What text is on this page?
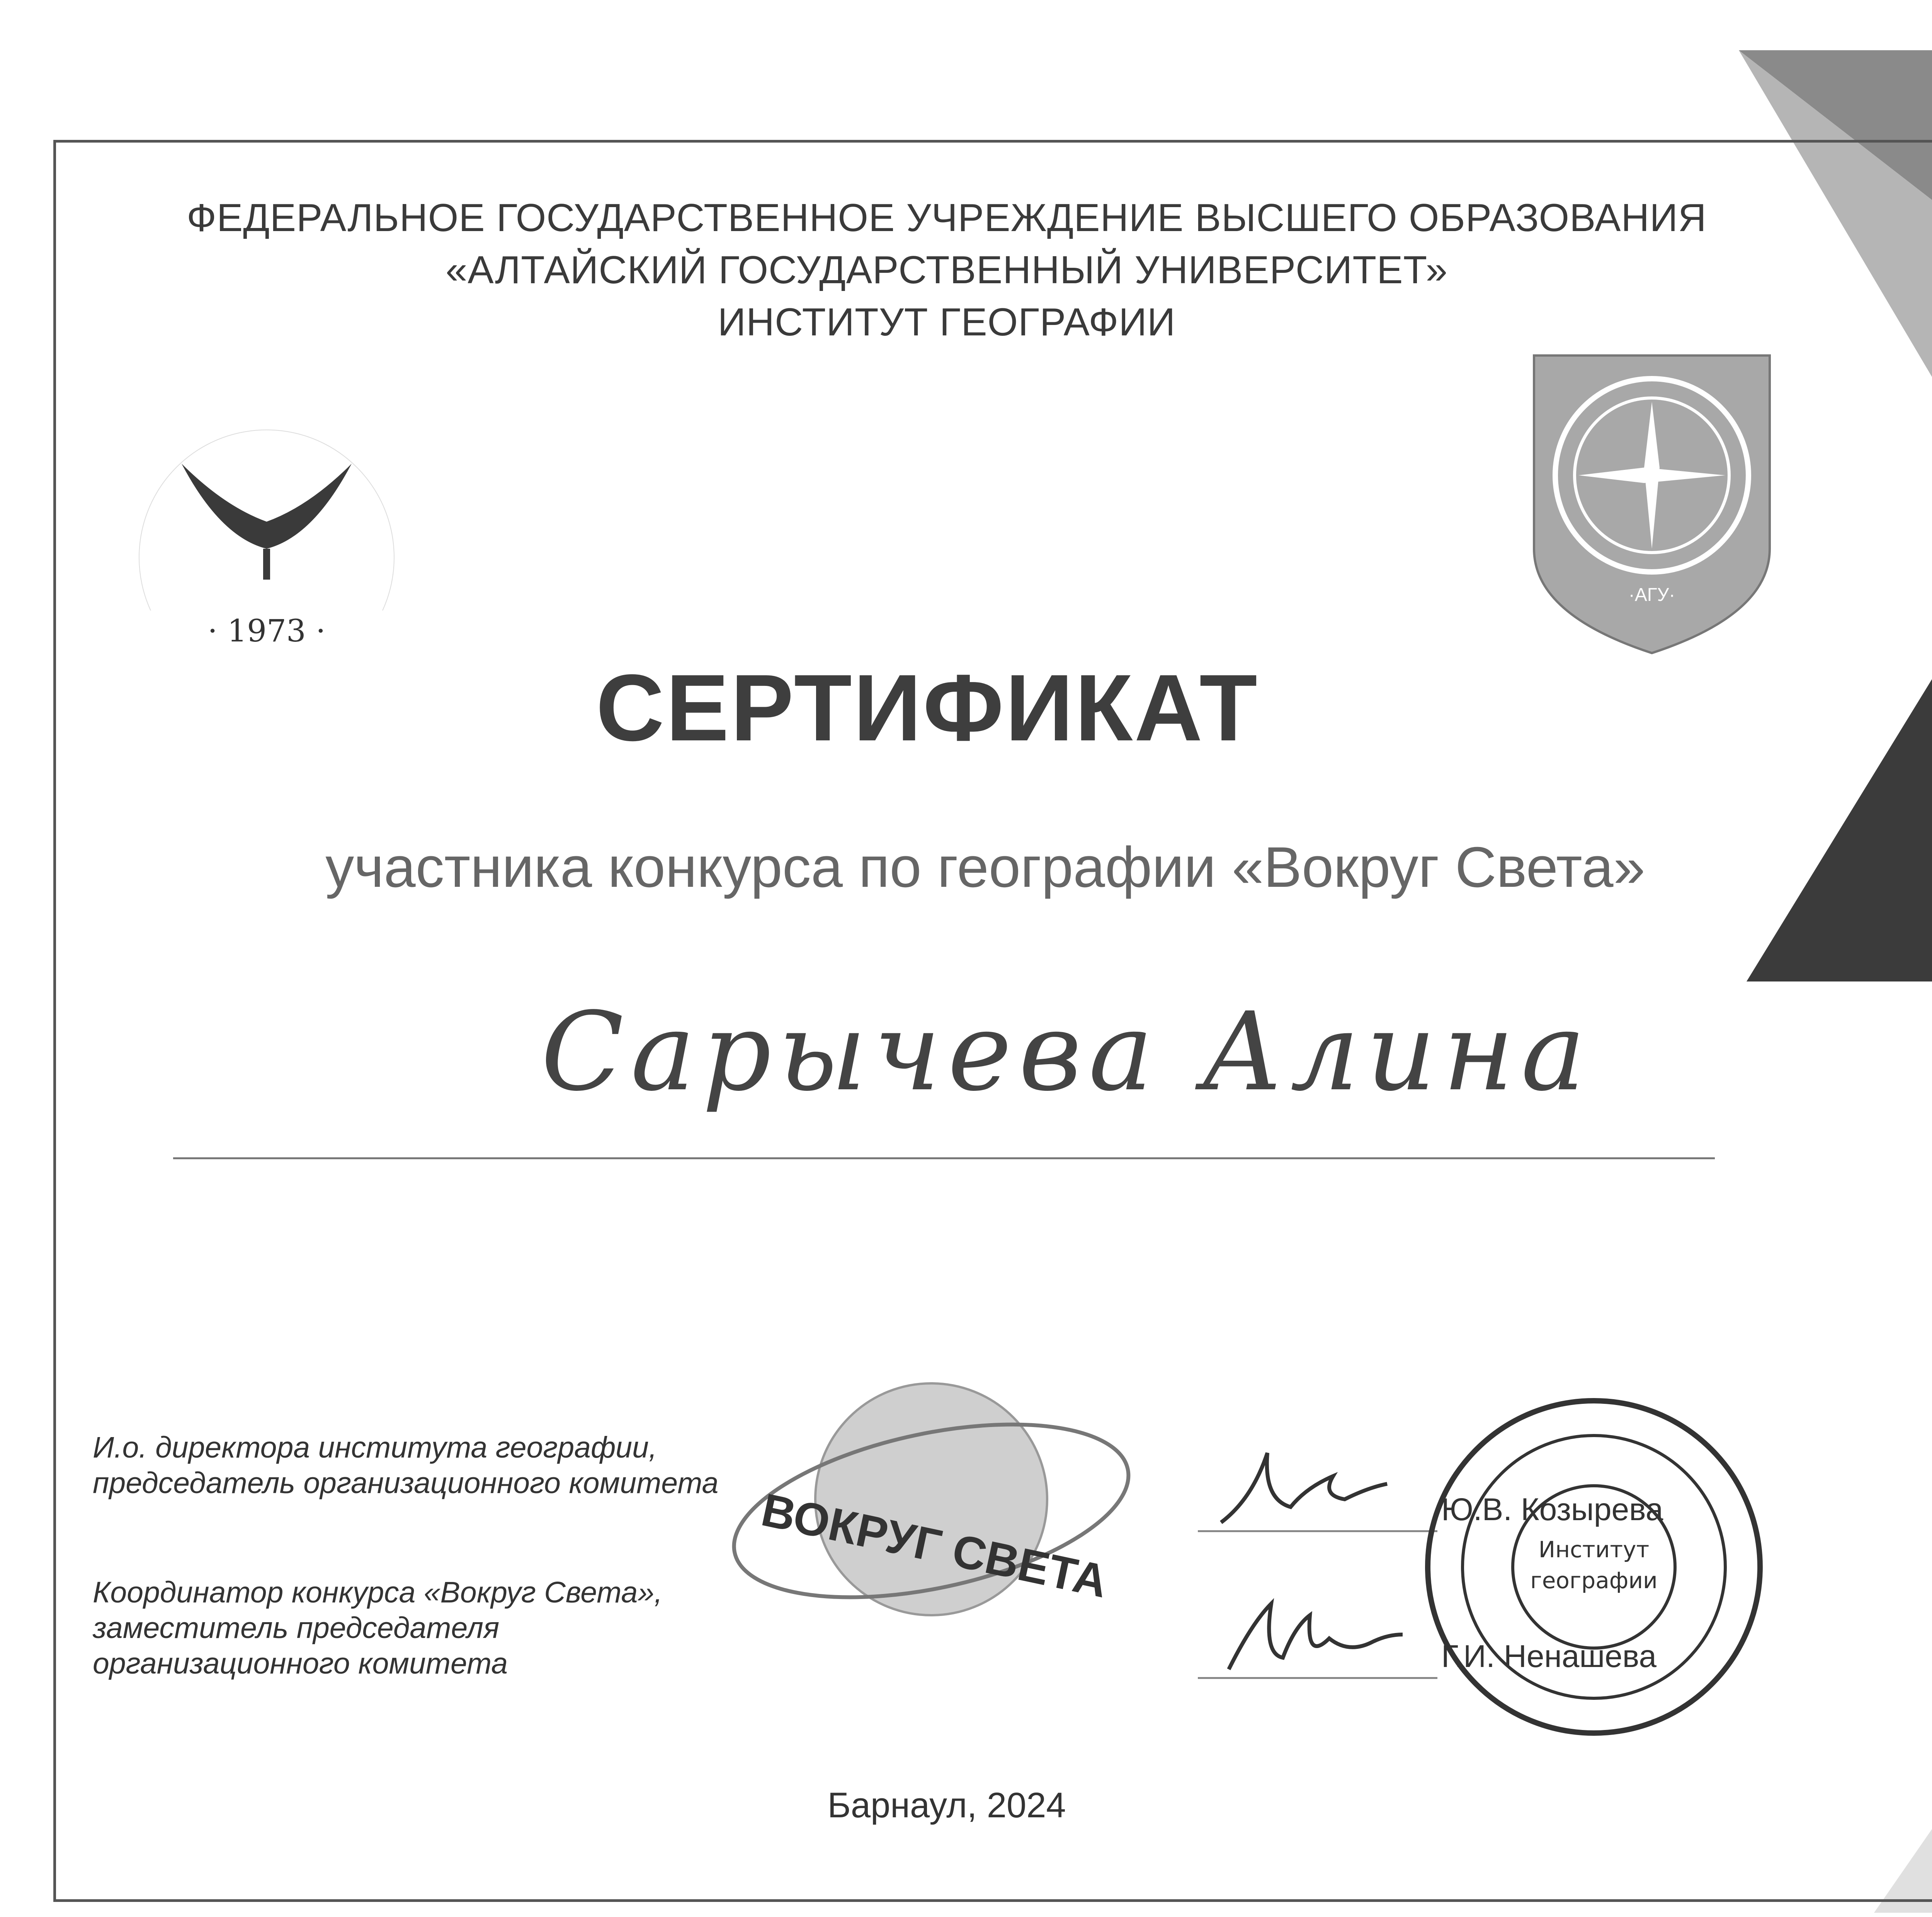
ФЕДЕРАЛЬНОЕ ГОСУДАРСТВЕННОЕ УЧРЕЖДЕНИЕ ВЫСШЕГО ОБРАЗОВАНИЯ
«АЛТАЙСКИЙ ГОСУДАРСТВЕННЫЙ УНИВЕРСИТЕТ»
ИНСТИТУТ ГЕОГРАФИИ
· 1973 ·
·АГУ·
СЕРТИФИКАТ
участника конкурса по географии «Вокруг Света»
Сарычева Алина
ВОКРУГ СВЕТА
И.о. директора института географии, председатель организационного комитета
Координатор конкурса «Вокруг Света», заместитель председателя организационного комитета
Ю.В. Козырева
Г.И. Ненашева
Институт
географии
Барнаул, 2024
